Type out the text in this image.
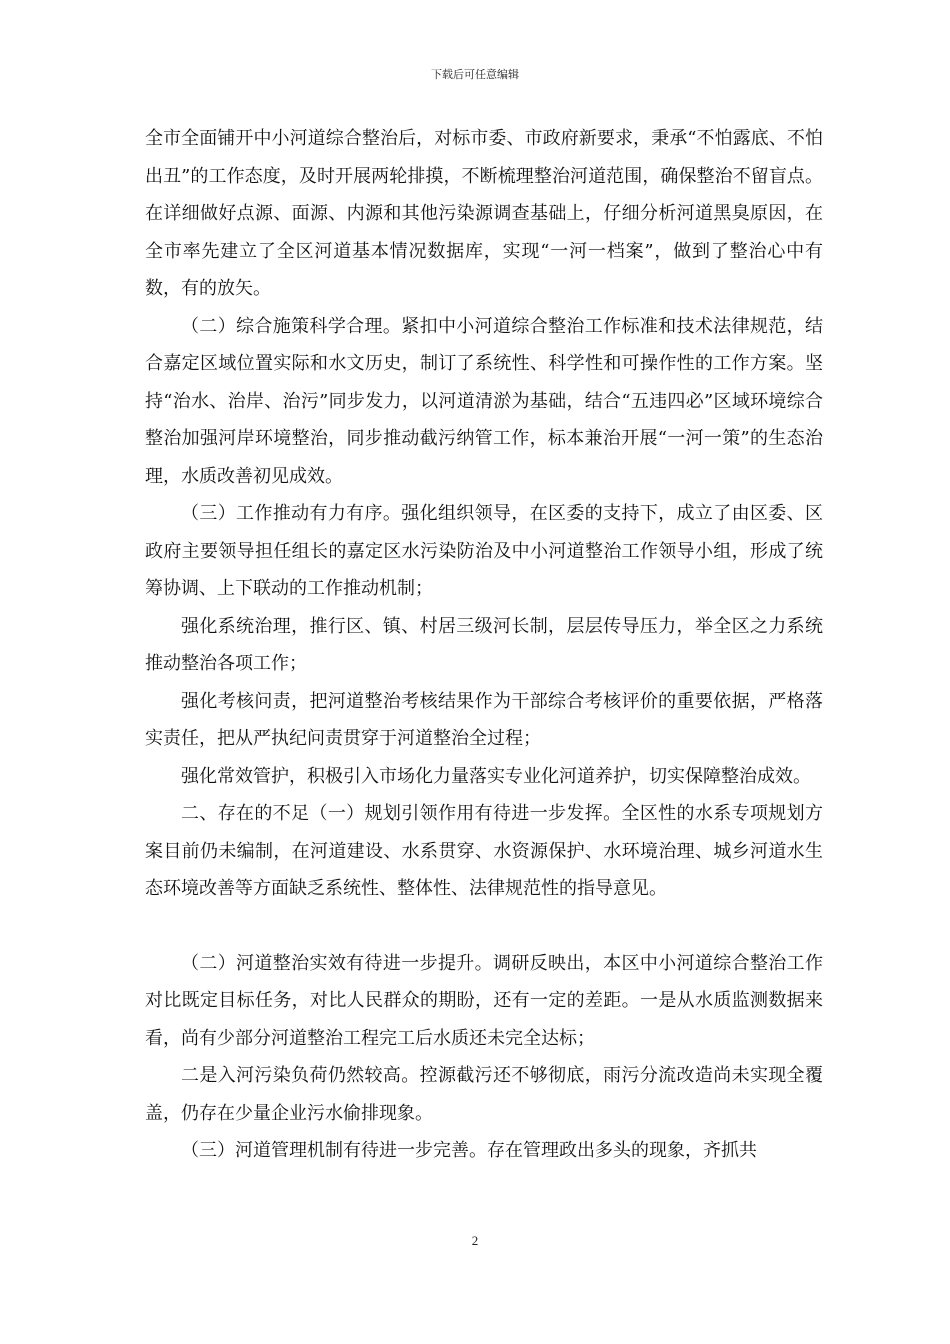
下载后可任意编辑

全市全面铺开中小河道综合整治后，对标市委、市政府新要求，秉承“不怕露底、不怕出丑”的工作态度，及时开展两轮排摸，不断梳理整治河道范围，确保整治不留盲点。在详细做好点源、面源、内源和其他污染源调查基础上，仔细分析河道黑臭原因，在全市率先建立了全区河道基本情况数据库，实现“一河一档案”，做到了整治心中有数，有的放矢。

（二）综合施策科学合理。紧扣中小河道综合整治工作标准和技术法律规范，结合嘉定区域位置实际和水文历史，制订了系统性、科学性和可操作性的工作方案。坚持“治水、治岸、治污”同步发力，以河道清淤为基础，结合“五违四必”区域环境综合整治加强河岸环境整治，同步推动截污纳管工作，标本兼治开展“一河一策”的生态治理，水质改善初见成效。

（三）工作推动有力有序。强化组织领导，在区委的支持下，成立了由区委、区政府主要领导担任组长的嘉定区水污染防治及中小河道整治工作领导小组，形成了统筹协调、上下联动的工作推动机制；

强化系统治理，推行区、镇、村居三级河长制，层层传导压力，举全区之力系统推动整治各项工作；

强化考核问责，把河道整治考核结果作为干部综合考核评价的重要依据，严格落实责任，把从严执纪问责贯穿于河道整治全过程；

强化常效管护，积极引入市场化力量落实专业化河道养护，切实保障整治成效。

二、存在的不足（一）规划引领作用有待进一步发挥。全区性的水系专项规划方案目前仍未编制，在河道建设、水系贯穿、水资源保护、水环境治理、城乡河道水生态环境改善等方面缺乏系统性、整体性、法律规范性的指导意见。

（二）河道整治实效有待进一步提升。调研反映出，本区中小河道综合整治工作对比既定目标任务，对比人民群众的期盼，还有一定的差距。一是从水质监测数据来看，尚有少部分河道整治工程完工后水质还未完全达标；

二是入河污染负荷仍然较高。控源截污还不够彻底，雨污分流改造尚未实现全覆盖，仍存在少量企业污水偷排现象。

（三）河道管理机制有待进一步完善。存在管理政出多头的现象，齐抓共

2
